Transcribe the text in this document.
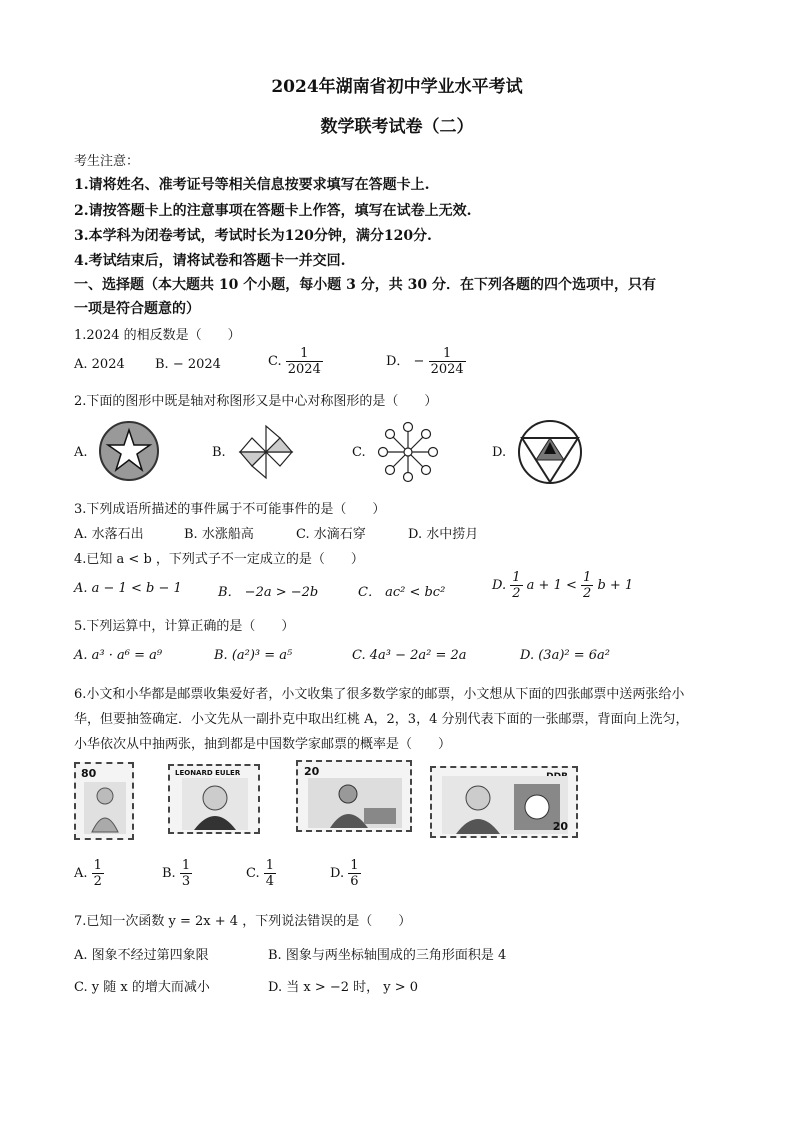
2024年湖南省初中学业水平考试
数学联考试卷（二）
考生注意：
1.请将姓名、准考证号等相关信息按要求填写在答题卡上.
2.请按答题卡上的注意事项在答题卡上作答，填写在试卷上无效.
3.本学科为闭卷考试，考试时长为120分钟，满分120分.
4.考试结束后，请将试卷和答题卡一并交回.
一、选择题（本大题共 10 个小题，每小题 3 分，共 30 分．在下列各题的四个选项中，只有
一项是符合题意的）
1.2024 的相反数是（　　）
A. 2024 B. − 2024	C. $\frac{1}{2024}$	D． − $\frac{1}{2024}$
2.下面的图形中既是轴对称图形又是中心对称图形的是（　　）
A.	B.	C.	D.
3.下列成语所描述的事件属于不可能事件的是（　　）
A. 水落石出	B. 水涨船高	C. 水滴石穿	D. 水中捞月
4.已知 a < b ，下列式子不一定成立的是（　　）
A. a − 1 < b − 1	B． −2a > −2b	C． ac² < bc²	D. $\frac{1}{2}$ $a + 1 < \frac{1}{2}$ b + 1
5.下列运算中，计算正确的是（　　）
A. a³ · a⁶ = a⁹	B. (a²)³ = a⁵	C. 4a³ − 2a² = 2a	D. (3a)² = 6a²
6.小文和小华都是邮票收集爱好者，小文收集了很多数学家的邮票，小文想从下面的四张邮票中送两张给小
华，但要抽签确定．小文先从一副扑克中取出红桃 A，2，3，4 分别代表下面的一张邮票，背面向上洗匀，
小华依次从中抽两张，抽到都是中国数学家邮票的概率是（　　）
80	LEONARD EULER	20
20
A. $\frac{1}{2}$	B. $\frac{1}{3}$	C. $\frac{1}{4}$	D. $\frac{1}{6}$
7.已知一次函数 y = 2x + 4 ，下列说法错误的是（　　）
A. 图象不经过第四象限	B. 图象与两坐标轴围成的三角形面积是 4
C. y 随 x 的增大而减小	D. 当 x > −2 时， y > 0
